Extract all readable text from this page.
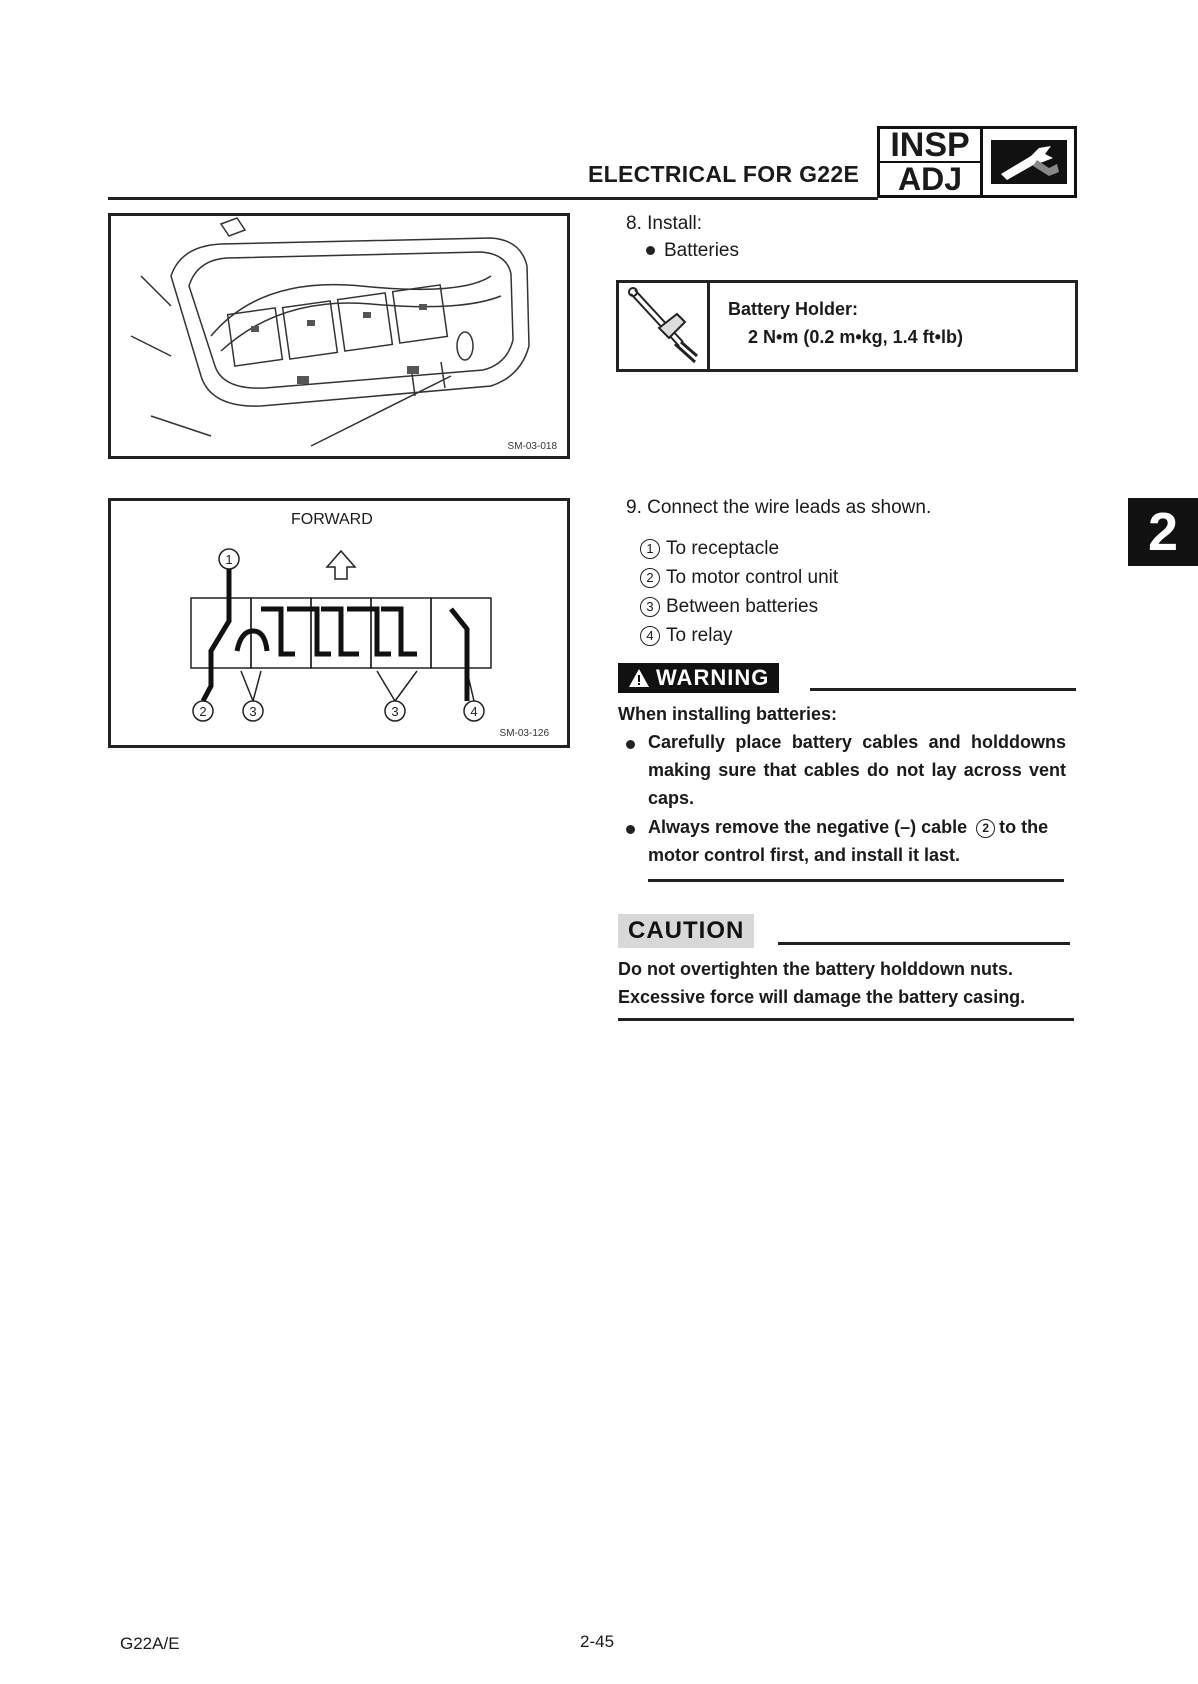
ELECTRICAL FOR G22E
INSP
ADJ
2
SM-03-018
FORWARD
1
2	3	3	4
SM-03-126
8. Install:
Batteries
Battery Holder:
2 N•m (0.2 m•kg, 1.4 ft•lb)
9. Connect the wire leads as shown.
1 To receptacle
2 To motor control unit
3 Between batteries
4 To relay
WARNING
When installing batteries:
Carefully place battery cables and holddowns making sure that cables do not lay across vent caps.
Always remove the negative (–) cable 2 to the motor control first, and install it last.
CAUTION
Do not overtighten the battery holddown nuts.
Excessive force will damage the battery casing.
G22A/E	2-45
